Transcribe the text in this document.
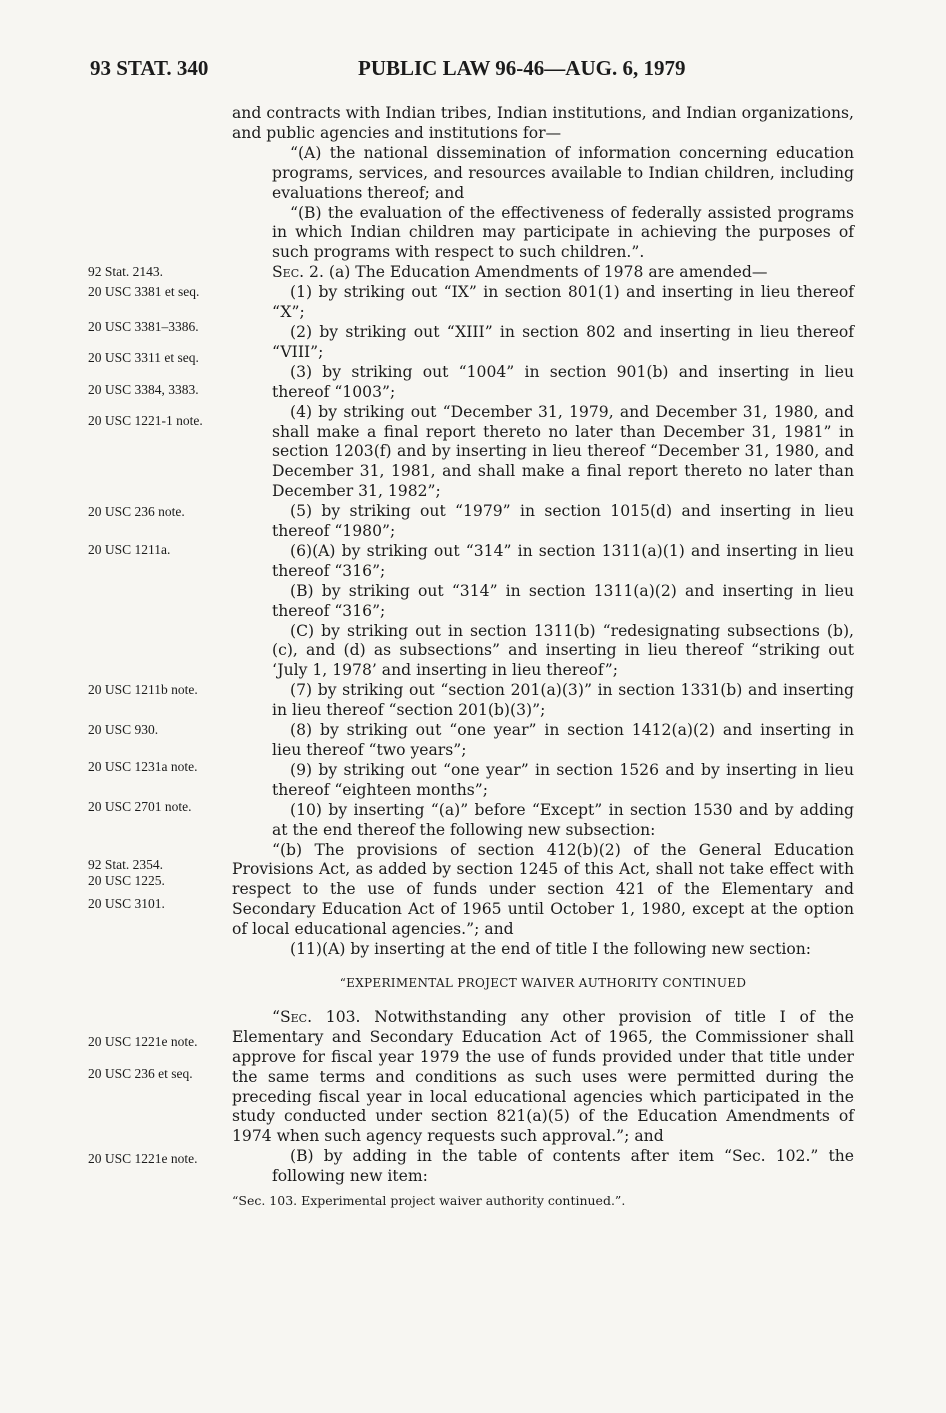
93 STAT. 340	PUBLIC LAW 96-46—AUG. 6, 1979
92 Stat. 2143.
20 USC 3381 et seq.
20 USC 3381–3386.
20 USC 3311 et seq.
20 USC 3384, 3383.
20 USC 1221-1 note.
20 USC 236 note.
20 USC 1211a.
20 USC 1211b note.
20 USC 930.
20 USC 1231a note.
20 USC 2701 note.
92 Stat. 2354.
20 USC 1225.
20 USC 3101.
20 USC 1221e note.
20 USC 236 et seq.
20 USC 1221e note.

and contracts with Indian tribes, Indian institutions, and Indian organizations, and public agencies and institutions for—

“(A) the national dissemination of information concerning education programs, services, and resources available to Indian children, including evaluations thereof; and

“(B) the evaluation of the effectiveness of federally assisted programs in which Indian children may participate in achieving the purposes of such programs with respect to such children.”.

Sec. 2. (a) The Education Amendments of 1978 are amended—

(1) by striking out “IX” in section 801(1) and inserting in lieu thereof “X”;

(2) by striking out “XIII” in section 802 and inserting in lieu thereof “VIII”;

(3) by striking out “1004” in section 901(b) and inserting in lieu thereof “1003”;

(4) by striking out “December 31, 1979, and December 31, 1980, and shall make a final report thereto no later than December 31, 1981” in section 1203(f) and by inserting in lieu thereof “December 31, 1980, and December 31, 1981, and shall make a final report thereto no later than December 31, 1982”;

(5) by striking out “1979” in section 1015(d) and inserting in lieu thereof “1980”;

(6)(A) by striking out “314” in section 1311(a)(1) and inserting in lieu thereof “316”;

(B) by striking out “314” in section 1311(a)(2) and inserting in lieu thereof “316”;

(C) by striking out in section 1311(b) “redesignating subsections (b), (c), and (d) as subsections” and inserting in lieu thereof “striking out ‘July 1, 1978’ and inserting in lieu thereof”;

(7) by striking out “section 201(a)(3)” in section 1331(b) and inserting in lieu thereof “section 201(b)(3)”;

(8) by striking out “one year” in section 1412(a)(2) and inserting in lieu thereof “two years”;

(9) by striking out “one year” in section 1526 and by inserting in lieu thereof “eighteen months”;

(10) by inserting “(a)” before “Except” in section 1530 and by adding at the end thereof the following new subsection:

“(b) The provisions of section 412(b)(2) of the General Education Provisions Act, as added by section 1245 of this Act, shall not take effect with respect to the use of funds under section 421 of the Elementary and Secondary Education Act of 1965 until October 1, 1980, except at the option of local educational agencies.”; and

(11)(A) by inserting at the end of title I the following new section:

“EXPERIMENTAL PROJECT WAIVER AUTHORITY CONTINUED

“Sec. 103. Notwithstanding any other provision of title I of the Elementary and Secondary Education Act of 1965, the Commissioner shall approve for fiscal year 1979 the use of funds provided under that title under the same terms and conditions as such uses were permitted during the preceding fiscal year in local educational agencies which participated in the study conducted under section 821(a)(5) of the Education Amendments of 1974 when such agency requests such approval.”; and

(B) by adding in the table of contents after item “Sec. 102.” the following new item:

“Sec. 103. Experimental project waiver authority continued.”.
